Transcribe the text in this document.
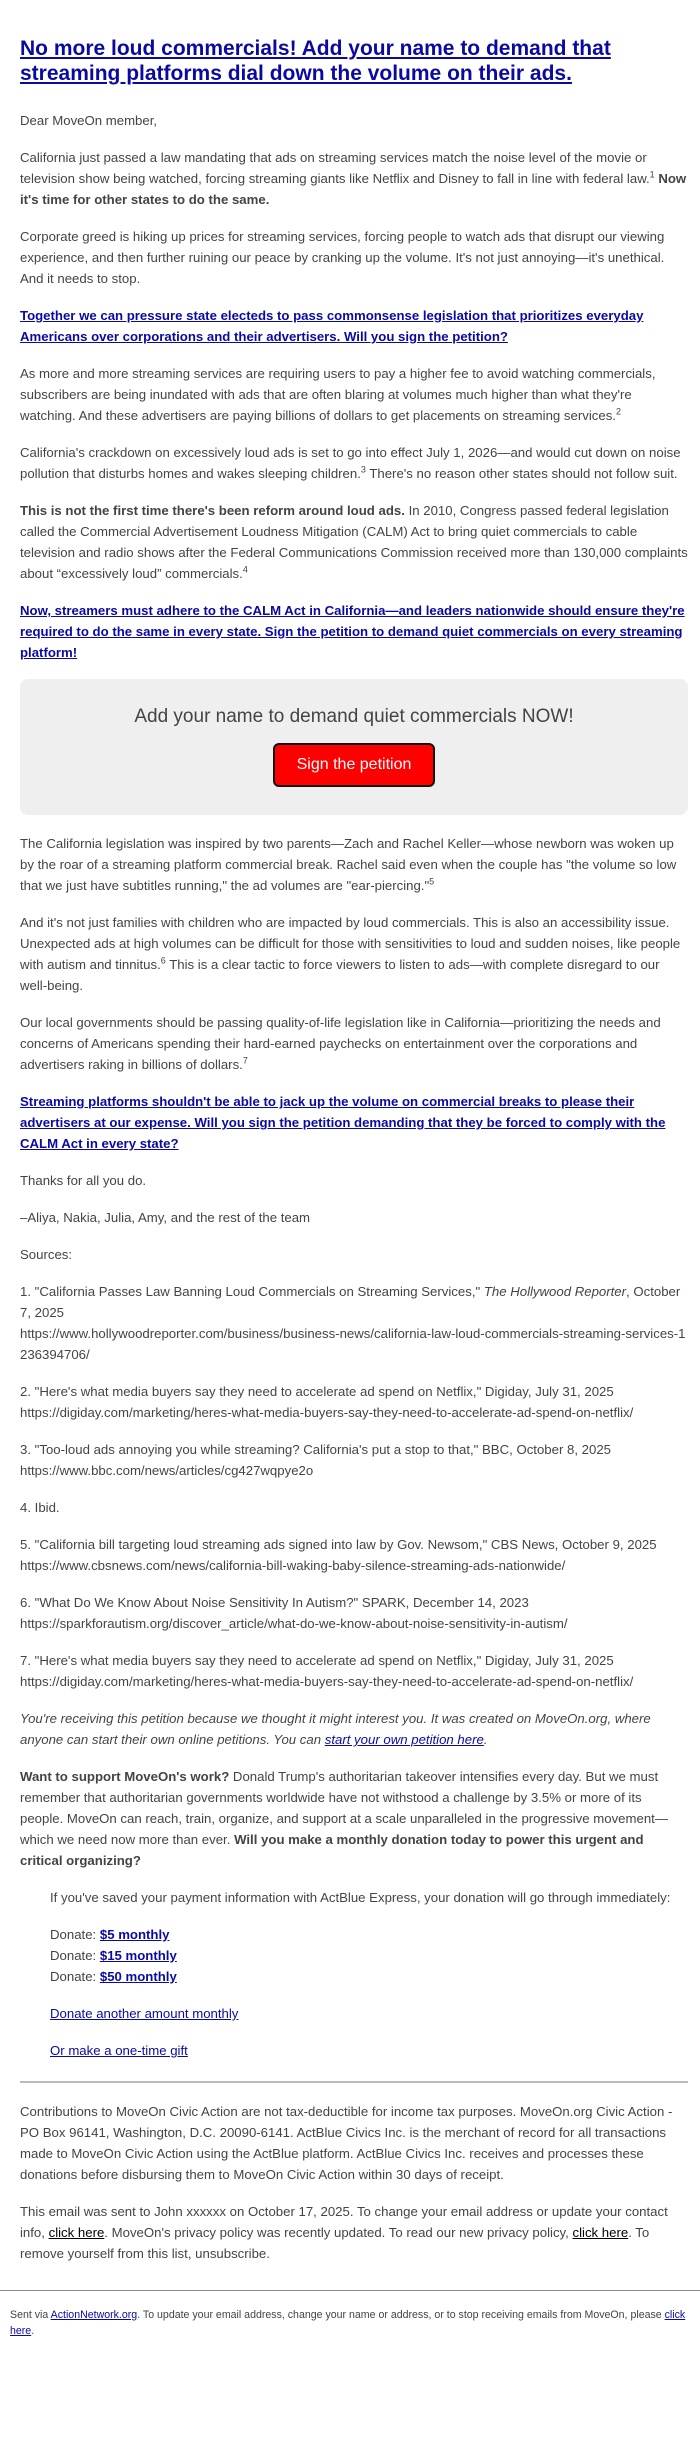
No more loud commercials! Add your name to demand that streaming platforms dial down the volume on their ads.

Dear MoveOn member,

California just passed a law mandating that ads on streaming services match the noise level of the movie or television show being watched, forcing streaming giants like Netflix and Disney to fall in line with federal law.$^1$ Now it's time for other states to do the same.

Corporate greed is hiking up prices for streaming services, forcing people to watch ads that disrupt our viewing experience, and then further ruining our peace by cranking up the volume. It's not just annoying—it's unethical. And it needs to stop.

Together we can pressure state electeds to pass commonsense legislation that prioritizes everyday Americans over corporations and their advertisers. Will you sign the petition?

As more and more streaming services are requiring users to pay a higher fee to avoid watching commercials, subscribers are being inundated with ads that are often blaring at volumes much higher than what they're watching. And these advertisers are paying billions of dollars to get placements on streaming services.$^2$

California's crackdown on excessively loud ads is set to go into effect July 1, 2026—and would cut down on noise pollution that disturbs homes and wakes sleeping children.$^3$ There's no reason other states should not follow suit.

This is not the first time there's been reform around loud ads. In 2010, Congress passed federal legislation called the Commercial Advertisement Loudness Mitigation (CALM) Act to bring quiet commercials to cable television and radio shows after the Federal Communications Commission received more than 130,000 complaints about “excessively loud” commercials.$^4$

Now, streamers must adhere to the CALM Act in California—and leaders nationwide should ensure they're required to do the same in every state. Sign the petition to demand quiet commercials on every streaming platform!

Add your name to demand quiet commercials NOW!
Sign the petition

The California legislation was inspired by two parents—Zach and Rachel Keller—whose newborn was woken up by the roar of a streaming platform commercial break. Rachel said even when the couple has "the volume so low that we just have subtitles running," the ad volumes are "ear-piercing."$^5$

And it's not just families with children who are impacted by loud commercials. This is also an accessibility issue. Unexpected ads at high volumes can be difficult for those with sensitivities to loud and sudden noises, like people with autism and tinnitus.$^6$ This is a clear tactic to force viewers to listen to ads—with complete disregard to our well-being.

Our local governments should be passing quality-of-life legislation like in California—prioritizing the needs and concerns of Americans spending their hard-earned paychecks on entertainment over the corporations and advertisers raking in billions of dollars.$^7$

Streaming platforms shouldn't be able to jack up the volume on commercial breaks to please their advertisers at our expense. Will you sign the petition demanding that they be forced to comply with the CALM Act in every state?

Thanks for all you do.

–Aliya, Nakia, Julia, Amy, and the rest of the team

Sources:

1. "California Passes Law Banning Loud Commercials on Streaming Services," The Hollywood Reporter, October 7, 2025
https://www.hollywoodreporter.com/business/business-news/california-law-loud-commercials-streaming-services-1236394706/

2. "Here's what media buyers say they need to accelerate ad spend on Netflix," Digiday, July 31, 2025
https://digiday.com/marketing/heres-what-media-buyers-say-they-need-to-accelerate-ad-spend-on-netflix/

3. "Too-loud ads annoying you while streaming? California's put a stop to that," BBC, October 8, 2025
https://www.bbc.com/news/articles/cg427wqpye2o

4. Ibid.

5. "California bill targeting loud streaming ads signed into law by Gov. Newsom," CBS News, October 9, 2025
https://www.cbsnews.com/news/california-bill-waking-baby-silence-streaming-ads-nationwide/

6. "What Do We Know About Noise Sensitivity In Autism?" SPARK, December 14, 2023
https://sparkforautism.org/discover_article/what-do-we-know-about-noise-sensitivity-in-autism/

7. "Here's what media buyers say they need to accelerate ad spend on Netflix," Digiday, July 31, 2025
https://digiday.com/marketing/heres-what-media-buyers-say-they-need-to-accelerate-ad-spend-on-netflix/

You're receiving this petition because we thought it might interest you. It was created on MoveOn.org, where anyone can start their own online petitions. You can start your own petition here.

Want to support MoveOn's work? Donald Trump's authoritarian takeover intensifies every day. But we must remember that authoritarian governments worldwide have not withstood a challenge by 3.5% or more of its people. MoveOn can reach, train, organize, and support at a scale unparalleled in the progressive movement—which we need now more than ever. Will you make a monthly donation today to power this urgent and critical organizing?

If you've saved your payment information with ActBlue Express, your donation will go through immediately:

Donate: $5 monthly

Donate: $15 monthly

Donate: $50 monthly

Donate another amount monthly

Or make a one-time gift

Contributions to MoveOn Civic Action are not tax-deductible for income tax purposes. MoveOn.org Civic Action - PO Box 96141, Washington, D.C. 20090-6141. ActBlue Civics Inc. is the merchant of record for all transactions made to MoveOn Civic Action using the ActBlue platform. ActBlue Civics Inc. receives and processes these donations before disbursing them to MoveOn Civic Action within 30 days of receipt.

This email was sent to John xxxxxx on October 17, 2025. To change your email address or update your contact info, click here. MoveOn's privacy policy was recently updated. To read our new privacy policy, click here. To remove yourself from this list, unsubscribe.

Sent via ActionNetwork.org. To update your email address, change your name or address, or to stop receiving emails from MoveOn, please click here.
